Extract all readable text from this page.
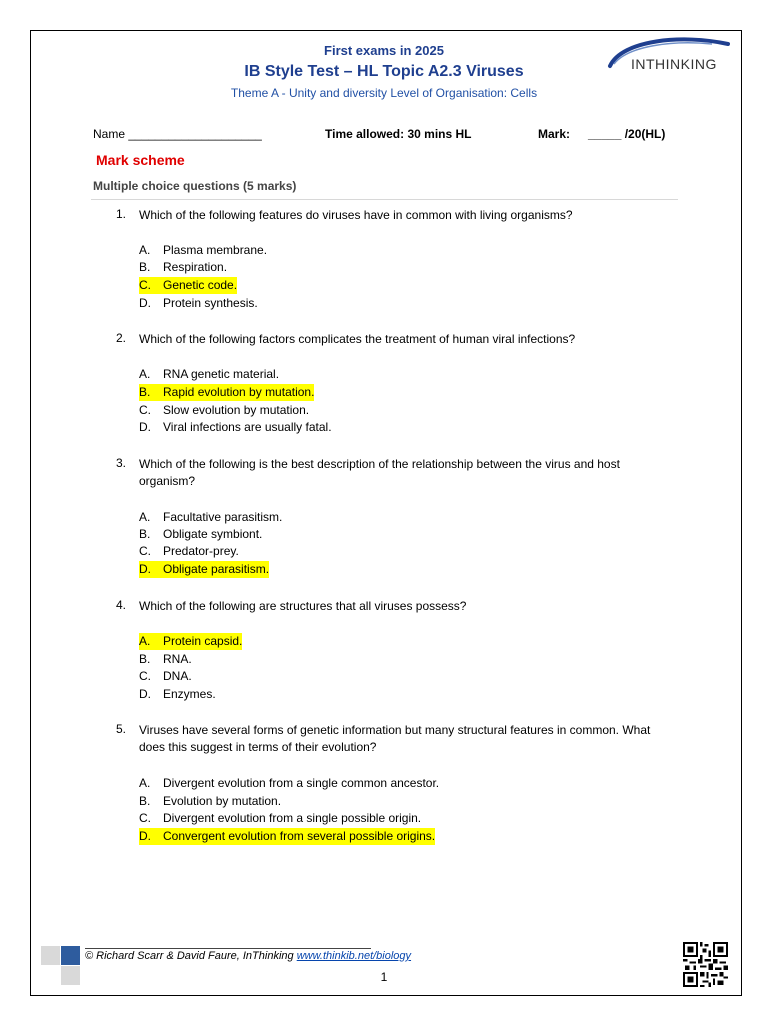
First exams in 2025
IB Style Test – HL Topic A2.3 Viruses
Theme A - Unity and diversity Level of Organisation: Cells
INTHINKING
Name ____________________	Time allowed: 30 mins HL	Mark: _____ /20(HL)
Mark scheme
Multiple choice questions (5 marks)
1. Which of the following features do viruses have in common with living organisms?
A. Plasma membrane.
B. Respiration.
C. Genetic code.
D. Protein synthesis.
2. Which of the following factors complicates the treatment of human viral infections?
A. RNA genetic material.
B. Rapid evolution by mutation.
C. Slow evolution by mutation.
D. Viral infections are usually fatal.
3. Which of the following is the best description of the relationship between the virus and host organism?
A. Facultative parasitism.
B. Obligate symbiont.
C. Predator-prey.
D. Obligate parasitism.
4. Which of the following are structures that all viruses possess?
A. Protein capsid.
B. RNA.
C. DNA.
D. Enzymes.
5. Viruses have several forms of genetic information but many structural features in common. What does this suggest in terms of their evolution?
A. Divergent evolution from a single common ancestor.
B. Evolution by mutation.
C. Divergent evolution from a single possible origin.
D. Convergent evolution from several possible origins.
© Richard Scarr & David Faure, InThinking www.thinkib.net/biology
1
